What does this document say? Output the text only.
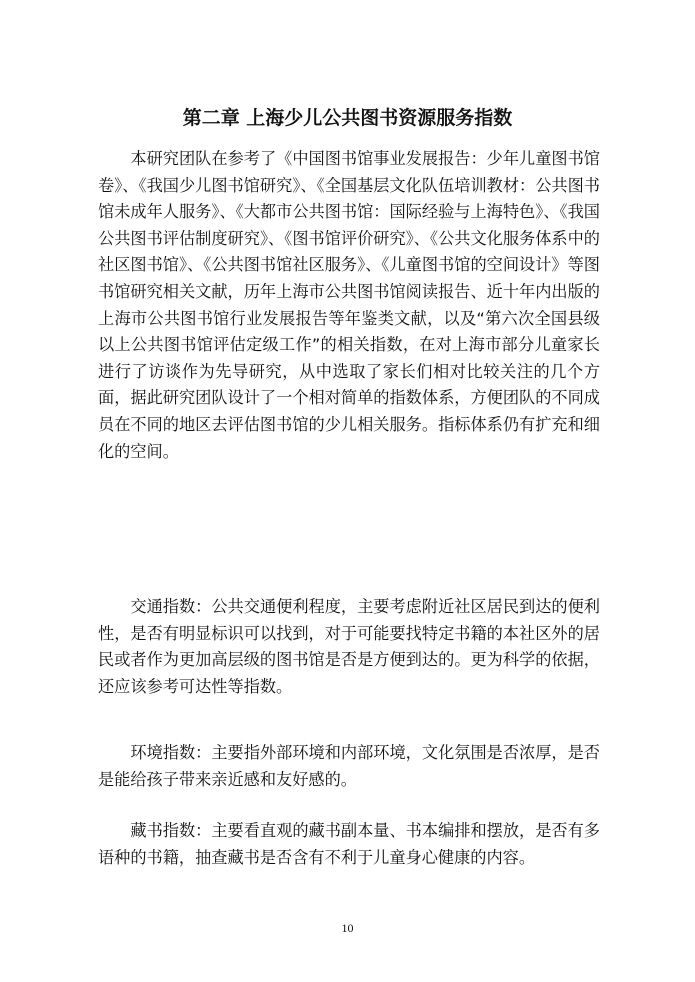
第二章 上海少儿公共图书资源服务指数

本研究团队在参考了《中国图书馆事业发展报告：少年儿童图书馆卷》、《我国少儿图书馆研究》、《全国基层文化队伍培训教材：公共图书馆未成年人服务》、《大都市公共图书馆：国际经验与上海特色》、《我国公共图书评估制度研究》、《图书馆评价研究》、《公共文化服务体系中的社区图书馆》、《公共图书馆社区服务》、《儿童图书馆的空间设计》等图书馆研究相关文献，历年上海市公共图书馆阅读报告、近十年内出版的上海市公共图书馆行业发展报告等年鉴类文献，以及“第六次全国县级以上公共图书馆评估定级工作”的相关指数，在对上海市部分儿童家长进行了访谈作为先导研究，从中选取了家长们相对比较关注的几个方面，据此研究团队设计了一个相对简单的指数体系，方便团队的不同成员在不同的地区去评估图书馆的少儿相关服务。指标体系仍有扩充和细化的空间。

交通指数：公共交通便利程度，主要考虑附近社区居民到达的便利性，是否有明显标识可以找到，对于可能要找特定书籍的本社区外的居民或者作为更加高层级的图书馆是否是方便到达的。更为科学的依据，还应该参考可达性等指数。

环境指数：主要指外部环境和内部环境，文化氛围是否浓厚，是否是能给孩子带来亲近感和友好感的。

藏书指数：主要看直观的藏书副本量、书本编排和摆放，是否有多语种的书籍，抽查藏书是否含有不利于儿童身心健康的内容。

10
